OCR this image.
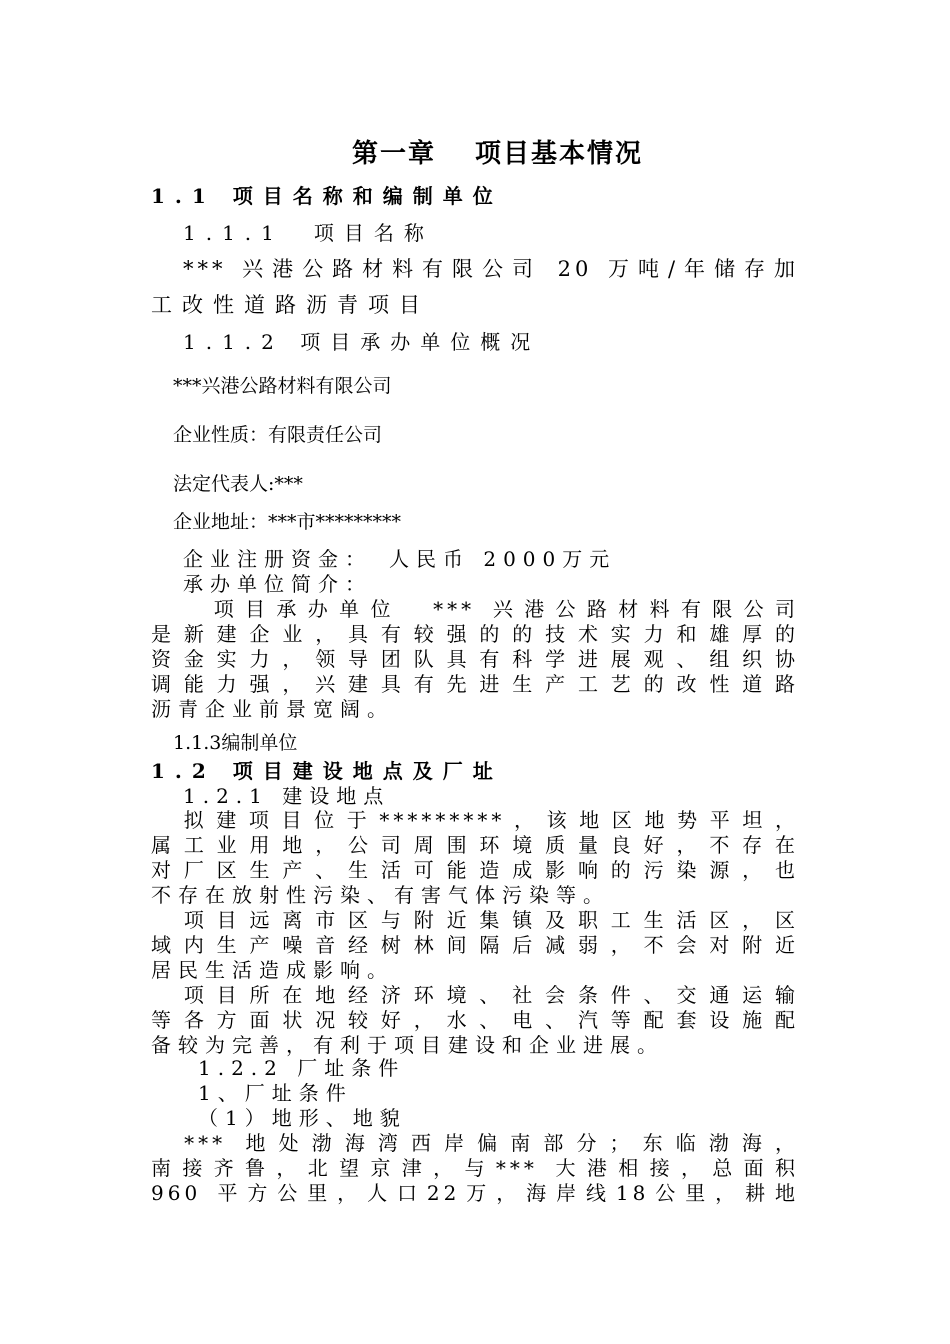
第一章　 项目基本情况
1.1 项目名称和编制单位
1.1.1　项目名称
*** 兴港公路材料有限公司 20 万吨/年储存加
工改性道路沥青项目
1.1.2 项目承办单位概况
***兴港公路材料有限公司
企业性质：有限责任公司
法定代表人:***
企业地址：***市*********
企业注册资金：　人民币 2000万元
承办单位简介：
　　项目承办单位　*** 兴港公路材料有限公司
是新建企业，具有较强的的技术实力和雄厚的
资金实力，领导团队具有科学进展观、组织协
调能力强，兴建具有先进生产工艺的改性道路
沥青企业前景宽阔。
1.1.3编制单位
1.2 项目建设地点及厂址
1.2.1 建设地点
　拟建项目位于*********，该地区地势平坦，
属工业用地，公司周围环境质量良好，不存在
对厂区生产、生活可能造成影响的污染源，也
不存在放射性污染、有害气体污染等。
　项目远离市区与附近集镇及职工生活区，区
域内生产噪音经树林间隔后减弱，不会对附近
居民生活造成影响。
　项目所在地经济环境、社会条件、交通运输
等各方面状况较好，水、电、汽等配套设施配
备较为完善，有利于项目建设和企业进展。
1.2.2 厂址条件
1、厂址条件
（1）地形、地貌
　*** 地处渤海湾西岸偏南部分；东临渤海，
南接齐鲁，北望京津，与*** 大港相接，总面积
960 平方公里，人口22万，海岸线18公里，耕地
